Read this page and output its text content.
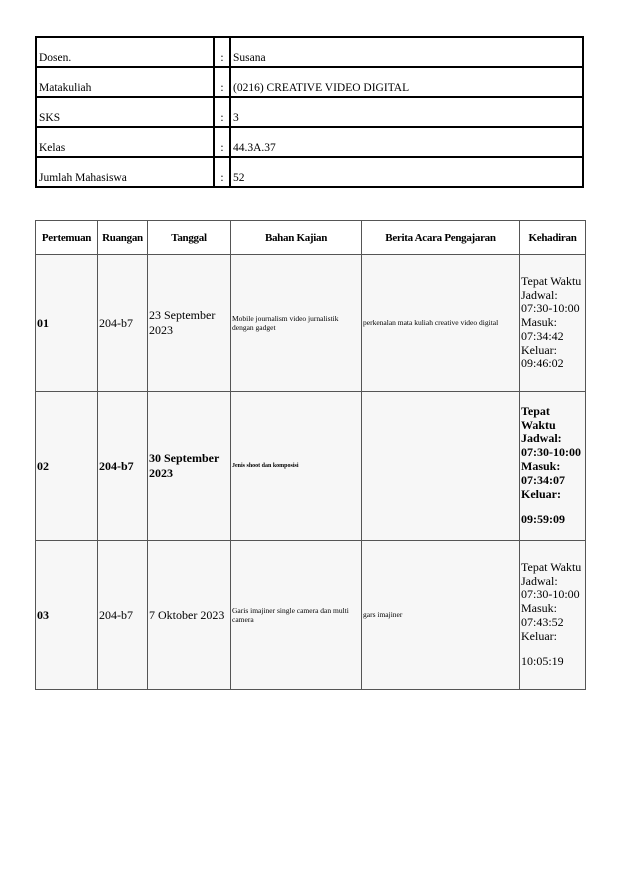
Dosen.	:	Susana
Matakuliah	:	(0216) CREATIVE VIDEO DIGITAL
SKS	:	3
Kelas	:	44.3A.37
Jumlah Mahasiswa	:	52
Pertemuan	Ruangan	Tanggal	Bahan Kajian	Berita Acara Pengajaran	Kehadiran
01	204-b7	23 September 2023	Mobile journalism video jurnalistik dengan gadget	perkenalan mata kuliah creative video digital	Tepat Waktu
Jadwal: 07:30-10:00
Masuk: 07:34:42
Keluar:
09:46:02

02	204-b7	30 September 2023	Jenis shoot dan komposisi		Tepat Waktu
Jadwal: 07:30-10:00
Masuk: 07:34:07
Keluar:
09:59:09

03	204-b7	7 Oktober 2023	Garis imajiner single camera dan multi camera	gars imajiner	Tepat Waktu
Jadwal: 07:30-10:00
Masuk: 07:43:52
Keluar:
10:05:19
